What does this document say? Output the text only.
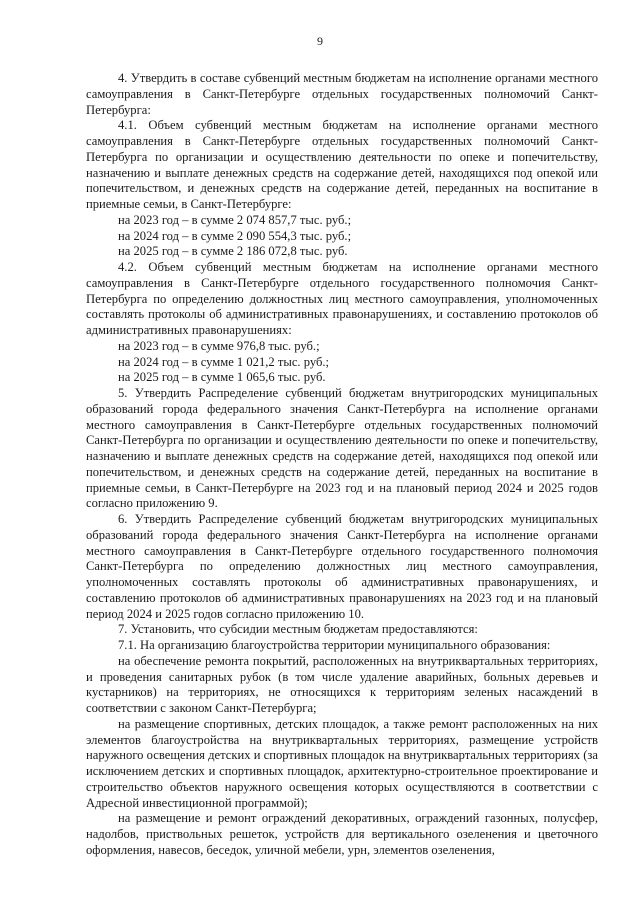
9

4. Утвердить в составе субвенций местным бюджетам на исполнение органами местного самоуправления в Санкт-Петербурге отдельных государственных полномочий Санкт-Петербурга:

4.1. Объем субвенций местным бюджетам на исполнение органами местного самоуправления в Санкт-Петербурге отдельных государственных полномочий Санкт-Петербурга по организации и осуществлению деятельности по опеке и попечительству, назначению и выплате денежных средств на содержание детей, находящихся под опекой или попечительством, и денежных средств на содержание детей, переданных на воспитание в приемные семьи, в Санкт-Петербурге:

на 2023 год – в сумме 2 074 857,7 тыс. руб.;

на 2024 год – в сумме 2 090 554,3 тыс. руб.;

на 2025 год – в сумме 2 186 072,8 тыс. руб.

4.2. Объем субвенций местным бюджетам на исполнение органами местного самоуправления в Санкт-Петербурге отдельного государственного полномочия Санкт-Петербурга по определению должностных лиц местного самоуправления, уполномоченных составлять протоколы об административных правонарушениях, и составлению протоколов об административных правонарушениях:

на 2023 год – в сумме 976,8 тыс. руб.;

на 2024 год – в сумме 1 021,2 тыс. руб.;

на 2025 год – в сумме 1 065,6 тыс. руб.

5. Утвердить Распределение субвенций бюджетам внутригородских муниципальных образований города федерального значения Санкт-Петербурга на исполнение органами местного самоуправления в Санкт-Петербурге отдельных государственных полномочий Санкт-Петербурга по организации и осуществлению деятельности по опеке и попечительству, назначению и выплате денежных средств на содержание детей, находящихся под опекой или попечительством, и денежных средств на содержание детей, переданных на воспитание в приемные семьи, в Санкт-Петербурге на 2023 год и на плановый период 2024 и 2025 годов согласно приложению 9.

6. Утвердить Распределение субвенций бюджетам внутригородских муниципальных образований города федерального значения Санкт-Петербурга на исполнение органами местного самоуправления в Санкт-Петербурге отдельного государственного полномочия Санкт-Петербурга по определению должностных лиц местного самоуправления, уполномоченных составлять протоколы об административных правонарушениях, и составлению протоколов об административных правонарушениях на 2023 год и на плановый период 2024 и 2025 годов согласно приложению 10.

7. Установить, что субсидии местным бюджетам предоставляются:

7.1. На организацию благоустройства территории муниципального образования:

на обеспечение ремонта покрытий, расположенных на внутриквартальных территориях, и проведения санитарных рубок (в том числе удаление аварийных, больных деревьев и кустарников) на территориях, не относящихся к территориям зеленых насаждений в соответствии с законом Санкт-Петербурга;

на размещение спортивных, детских площадок, а также ремонт расположенных на них элементов благоустройства на внутриквартальных территориях, размещение устройств наружного освещения детских и спортивных площадок на внутриквартальных территориях (за исключением детских и спортивных площадок, архитектурно-строительное проектирование и строительство объектов наружного освещения которых осуществляются в соответствии с Адресной инвестиционной программой);

на размещение и ремонт ограждений декоративных, ограждений газонных, полусфер, надолбов, приствольных решеток, устройств для вертикального озеленения и цветочного оформления, навесов, беседок, уличной мебели, урн, элементов озеленения,
